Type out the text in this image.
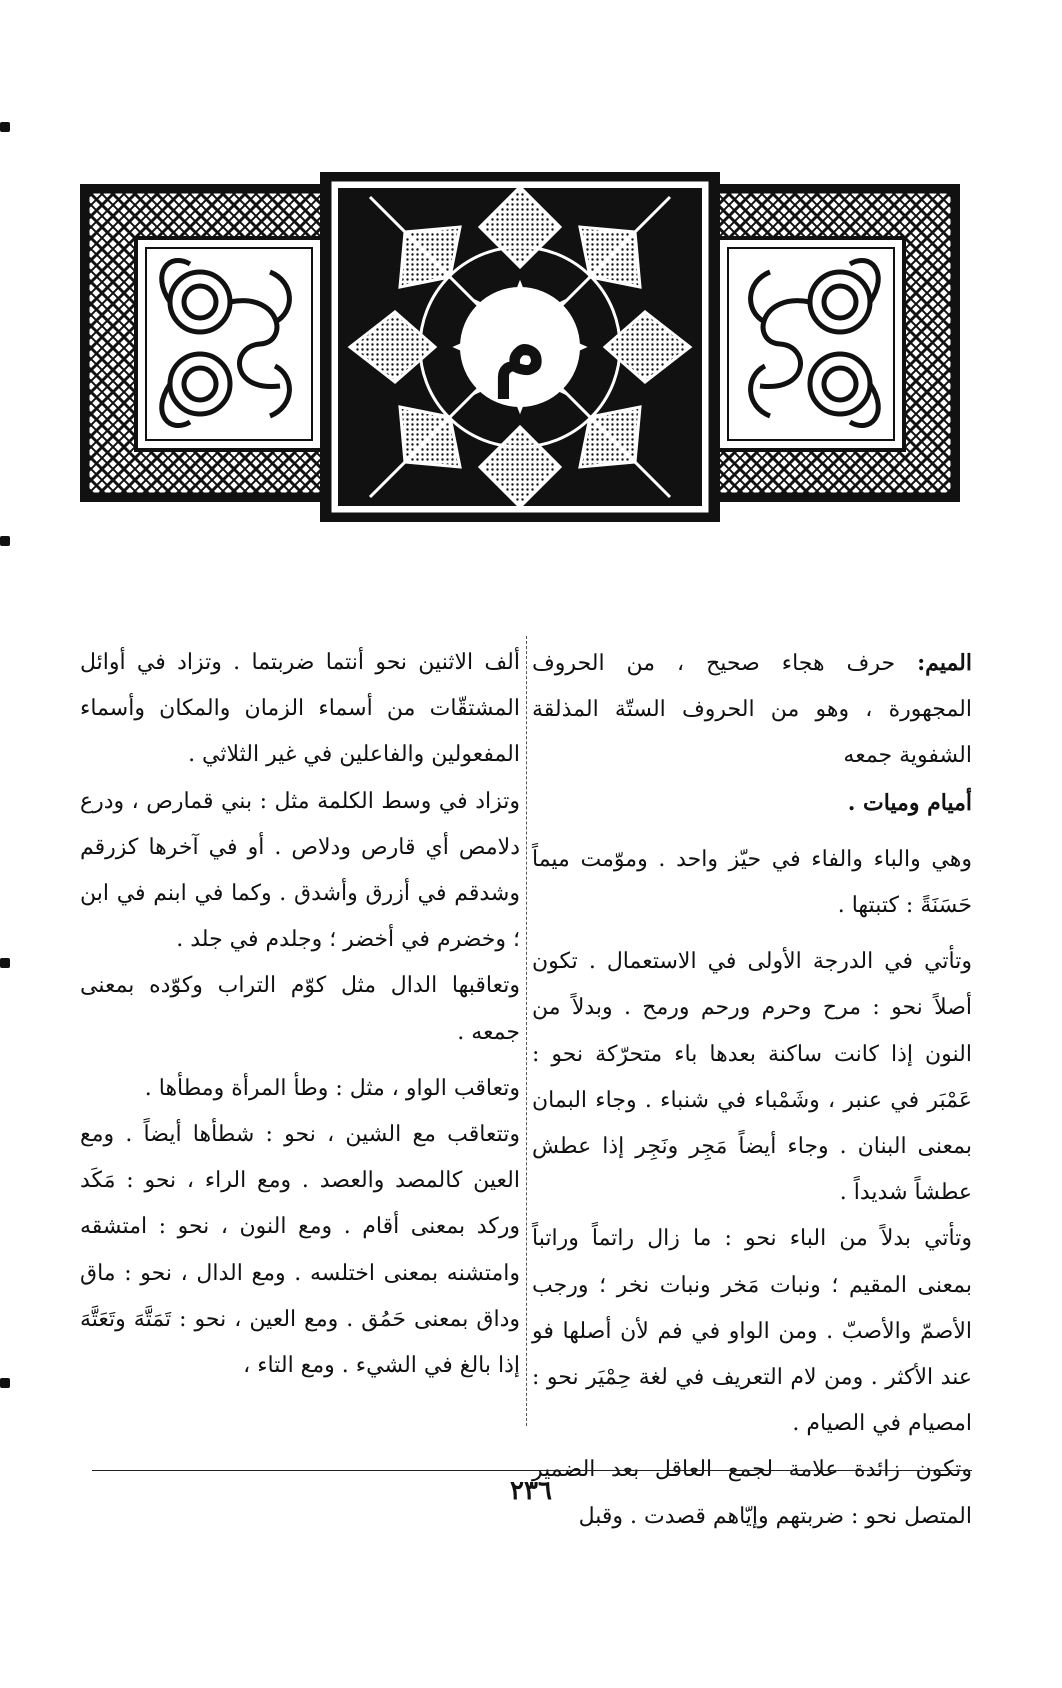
م

الميم: حرف هجاء صحيح ، من الحروف المجهورة ، وهو من الحروف الستّة المذلقة الشفوية جمعه

أميام وميات .

وهي والباء والفاء في حيّز واحد . وموّمت ميماً حَسَنَةً : كتبتها .

وتأتي في الدرجة الأولى في الاستعمال . تكون أصلاً نحو : مرح وحرم ورحم ورمح . وبدلاً من النون إذا كانت ساكنة بعدها باء متحرّكة نحو : عَمْبَر في عنبر ، وشَمْباء في شنباء . وجاء البمان بمعنى البنان . وجاء أيضاً مَجِر ونَجِر إذا عطش عطشاً شديداً .

وتأتي بدلاً من الباء نحو : ما زال راتماً وراتباً بمعنى المقيم ؛ ونبات مَخر ونبات نخر ؛ ورجب الأصمّ والأصبّ . ومن الواو في فم لأن أصلها فو عند الأكثر . ومن لام التعريف في لغة حِمْيَر نحو : امصيام في الصيام .

وتكون زائدة علامة لجمع العاقل بعد الضمير المتصل نحو : ضربتهم وإيّاهم قصدت . وقبل

ألف الاثنين نحو أنتما ضربتما . وتزاد في أوائل المشتقّات من أسماء الزمان والمكان وأسماء المفعولين والفاعلين في غير الثلاثي .

وتزاد في وسط الكلمة مثل : بني قمارص ، ودرع دلامص أي قارص ودلاص . أو في آخرها كزرقم وشدقم في أزرق وأشدق . وكما في ابنم في ابن ؛ وخضرم في أخضر ؛ وجلدم في جلد .

وتعاقبها الدال مثل كوّم التراب وكوّده بمعنى جمعه .

وتعاقب الواو ، مثل : وطأ المرأة ومطأها .

وتتعاقب مع الشين ، نحو : شطأها أيضاً . ومع العين كالمصد والعصد . ومع الراء ، نحو : مَكَد وركد بمعنى أقام . ومع النون ، نحو : امتشقه وامتشنه بمعنى اختلسه . ومع الدال ، نحو : ماق وداق بمعنى حَمُق . ومع العين ، نحو : تَمَتَّهَ وتَعَتَّهَ إذا بالغ في الشيء . ومع التاء ،

٢٣٦
